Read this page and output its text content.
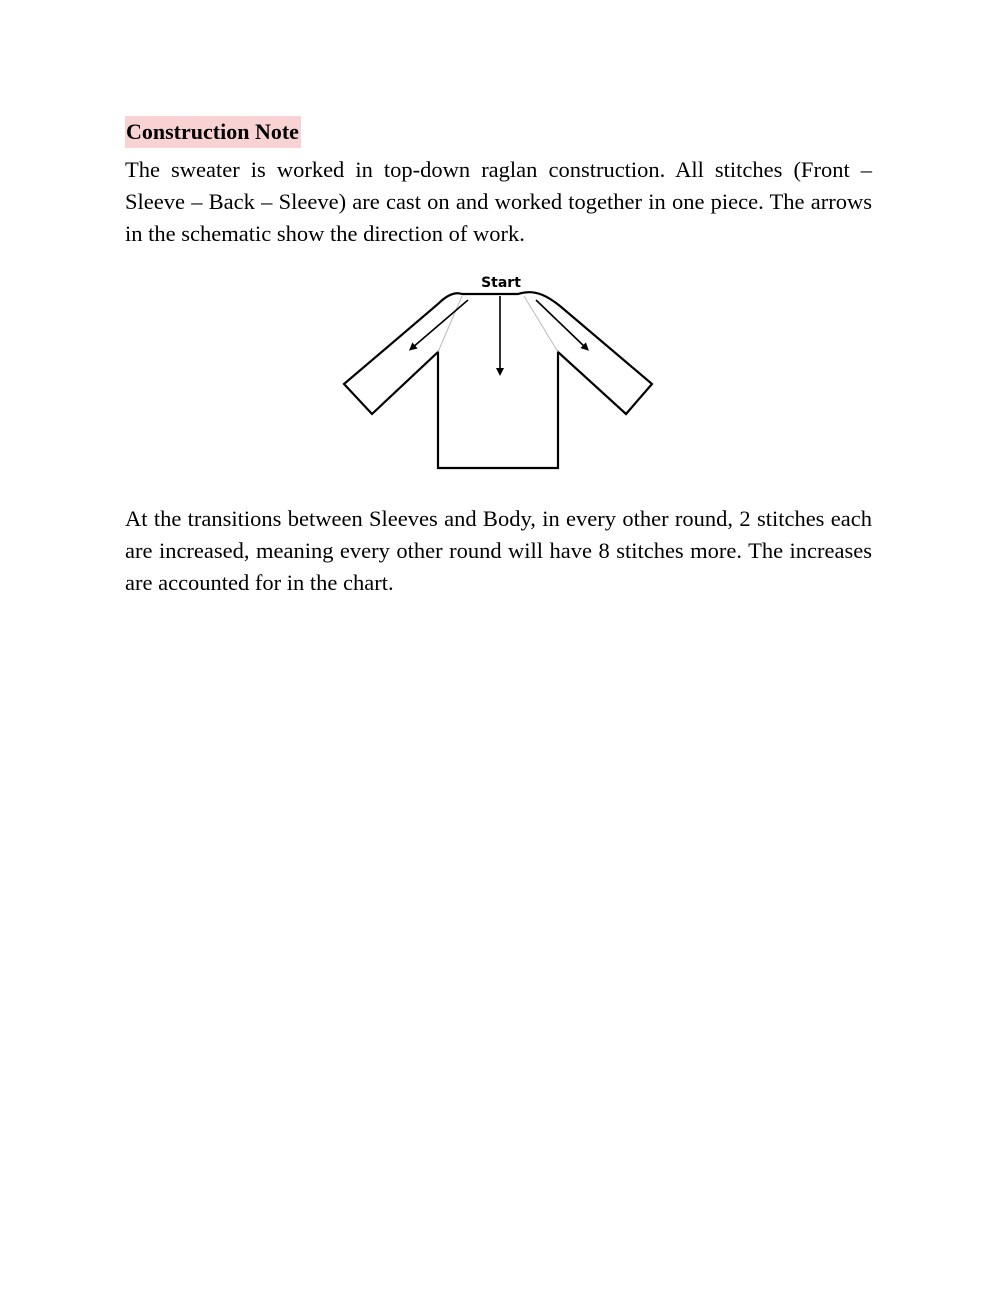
Construction Note

The sweater is worked in top-down raglan construction. All stitches (Front – Sleeve – Back – Sleeve) are cast on and worked together in one piece. The arrows in the schematic show the direction of work.

Start

At the transitions between Sleeves and Body, in every other round, 2 stitches each are increased, meaning every other round will have 8 stitches more. The increases are accounted for in the chart.
